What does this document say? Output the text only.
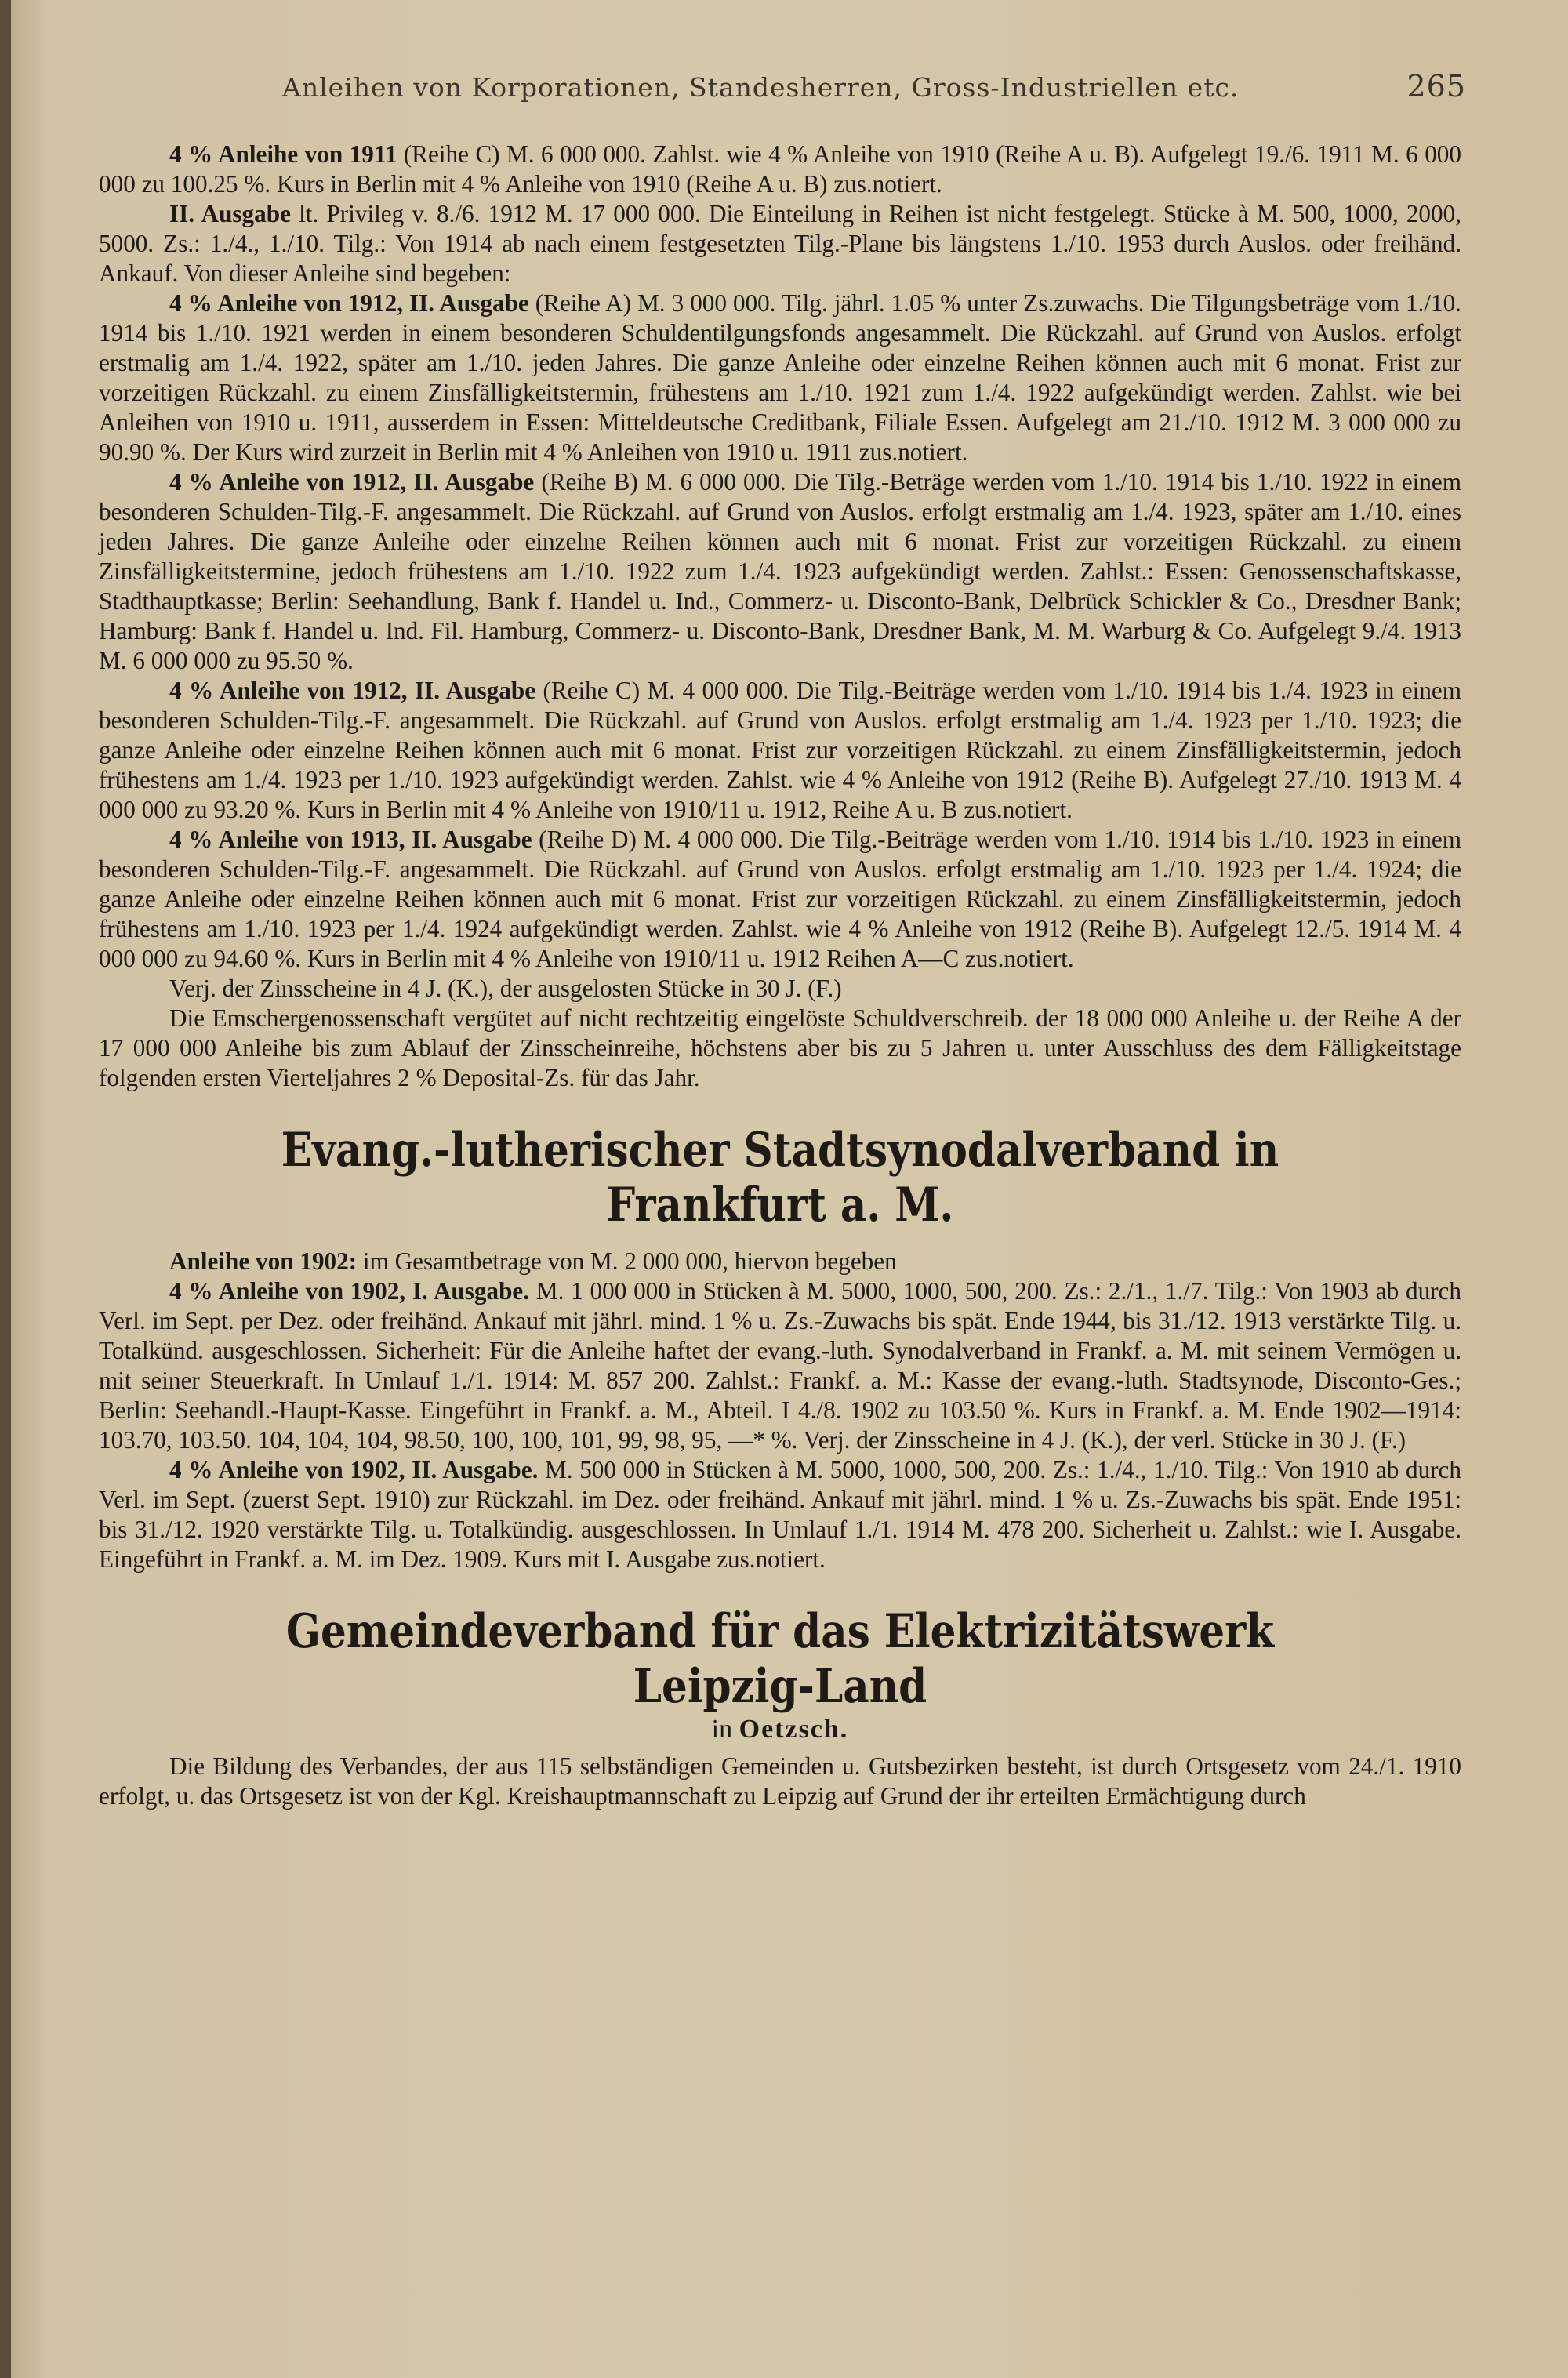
Anleihen von Korporationen, Standesherren, Gross-Industriellen etc.	265

4 % Anleihe von 1911 (Reihe C) M. 6 000 000. Zahlst. wie 4 % Anleihe von 1910 (Reihe A u. B). Aufgelegt 19./6. 1911 M. 6 000 000 zu 100.25 %. Kurs in Berlin mit 4 % Anleihe von 1910 (Reihe A u. B) zus.notiert.

II. Ausgabe lt. Privileg v. 8./6. 1912 M. 17 000 000. Die Einteilung in Reihen ist nicht festgelegt. Stücke à M. 500, 1000, 2000, 5000. Zs.: 1./4., 1./10. Tilg.: Von 1914 ab nach einem festgesetzten Tilg.-Plane bis längstens 1./10. 1953 durch Auslos. oder freihänd. Ankauf. Von dieser Anleihe sind begeben:

4 % Anleihe von 1912, II. Ausgabe (Reihe A) M. 3 000 000. Tilg. jährl. 1.05 % unter Zs.zuwachs. Die Tilgungsbeträge vom 1./10. 1914 bis 1./10. 1921 werden in einem besonderen Schuldentilgungsfonds angesammelt. Die Rückzahl. auf Grund von Auslos. erfolgt erstmalig am 1./4. 1922, später am 1./10. jeden Jahres. Die ganze Anleihe oder einzelne Reihen können auch mit 6 monat. Frist zur vorzeitigen Rückzahl. zu einem Zinsfälligkeitstermin, frühestens am 1./10. 1921 zum 1./4. 1922 aufgekündigt werden. Zahlst. wie bei Anleihen von 1910 u. 1911, ausserdem in Essen: Mitteldeutsche Creditbank, Filiale Essen. Aufgelegt am 21./10. 1912 M. 3 000 000 zu 90.90 %. Der Kurs wird zurzeit in Berlin mit 4 % Anleihen von 1910 u. 1911 zus.notiert.

4 % Anleihe von 1912, II. Ausgabe (Reihe B) M. 6 000 000. Die Tilg.-Beträge werden vom 1./10. 1914 bis 1./10. 1922 in einem besonderen Schulden-Tilg.-F. angesammelt. Die Rückzahl. auf Grund von Auslos. erfolgt erstmalig am 1./4. 1923, später am 1./10. eines jeden Jahres. Die ganze Anleihe oder einzelne Reihen können auch mit 6 monat. Frist zur vorzeitigen Rückzahl. zu einem Zinsfälligkeitstermine, jedoch frühestens am 1./10. 1922 zum 1./4. 1923 aufgekündigt werden. Zahlst.: Essen: Genossenschaftskasse, Stadthauptkasse; Berlin: Seehandlung, Bank f. Handel u. Ind., Commerz- u. Disconto-Bank, Delbrück Schickler & Co., Dresdner Bank; Hamburg: Bank f. Handel u. Ind. Fil. Hamburg, Commerz- u. Disconto-Bank, Dresdner Bank, M. M. Warburg & Co. Aufgelegt 9./4. 1913 M. 6 000 000 zu 95.50 %.

4 % Anleihe von 1912, II. Ausgabe (Reihe C) M. 4 000 000. Die Tilg.-Beiträge werden vom 1./10. 1914 bis 1./4. 1923 in einem besonderen Schulden-Tilg.-F. angesammelt. Die Rückzahl. auf Grund von Auslos. erfolgt erstmalig am 1./4. 1923 per 1./10. 1923; die ganze Anleihe oder einzelne Reihen können auch mit 6 monat. Frist zur vorzeitigen Rückzahl. zu einem Zinsfälligkeitstermin, jedoch frühestens am 1./4. 1923 per 1./10. 1923 aufgekündigt werden. Zahlst. wie 4 % Anleihe von 1912 (Reihe B). Aufgelegt 27./10. 1913 M. 4 000 000 zu 93.20 %. Kurs in Berlin mit 4 % Anleihe von 1910/11 u. 1912, Reihe A u. B zus.notiert.

4 % Anleihe von 1913, II. Ausgabe (Reihe D) M. 4 000 000. Die Tilg.-Beiträge werden vom 1./10. 1914 bis 1./10. 1923 in einem besonderen Schulden-Tilg.-F. angesammelt. Die Rückzahl. auf Grund von Auslos. erfolgt erstmalig am 1./10. 1923 per 1./4. 1924; die ganze Anleihe oder einzelne Reihen können auch mit 6 monat. Frist zur vorzeitigen Rückzahl. zu einem Zinsfälligkeitstermin, jedoch frühestens am 1./10. 1923 per 1./4. 1924 aufgekündigt werden. Zahlst. wie 4 % Anleihe von 1912 (Reihe B). Aufgelegt 12./5. 1914 M. 4 000 000 zu 94.60 %. Kurs in Berlin mit 4 % Anleihe von 1910/11 u. 1912 Reihen A—C zus.notiert.

Verj. der Zinsscheine in 4 J. (K.), der ausgelosten Stücke in 30 J. (F.)

Die Emschergenossenschaft vergütet auf nicht rechtzeitig eingelöste Schuldverschreib. der 18 000 000 Anleihe u. der Reihe A der 17 000 000 Anleihe bis zum Ablauf der Zinsscheinreihe, höchstens aber bis zu 5 Jahren u. unter Ausschluss des dem Fälligkeitstage folgenden ersten Vierteljahres 2 % Deposital-Zs. für das Jahr.

Evang.-lutherischer Stadtsynodalverband in Frankfurt a. M.

Anleihe von 1902: im Gesamtbetrage von M. 2 000 000, hiervon begeben

4 % Anleihe von 1902, I. Ausgabe. M. 1 000 000 in Stücken à M. 5000, 1000, 500, 200. Zs.: 2./1., 1./7. Tilg.: Von 1903 ab durch Verl. im Sept. per Dez. oder freihänd. Ankauf mit jährl. mind. 1 % u. Zs.-Zuwachs bis spät. Ende 1944, bis 31./12. 1913 verstärkte Tilg. u. Totalkünd. ausgeschlossen. Sicherheit: Für die Anleihe haftet der evang.-luth. Synodalverband in Frankf. a. M. mit seinem Vermögen u. mit seiner Steuerkraft. In Umlauf 1./1. 1914: M. 857 200. Zahlst.: Frankf. a. M.: Kasse der evang.-luth. Stadtsynode, Disconto-Ges.; Berlin: Seehandl.-Haupt-Kasse. Eingeführt in Frankf. a. M., Abteil. I 4./8. 1902 zu 103.50 %. Kurs in Frankf. a. M. Ende 1902—1914: 103.70, 103.50. 104, 104, 104, 98.50, 100, 100, 101, 99, 98, 95, —* %. Verj. der Zinsscheine in 4 J. (K.), der verl. Stücke in 30 J. (F.)

4 % Anleihe von 1902, II. Ausgabe. M. 500 000 in Stücken à M. 5000, 1000, 500, 200. Zs.: 1./4., 1./10. Tilg.: Von 1910 ab durch Verl. im Sept. (zuerst Sept. 1910) zur Rückzahl. im Dez. oder freihänd. Ankauf mit jährl. mind. 1 % u. Zs.-Zuwachs bis spät. Ende 1951: bis 31./12. 1920 verstärkte Tilg. u. Totalkündig. ausgeschlossen. In Umlauf 1./1. 1914 M. 478 200. Sicherheit u. Zahlst.: wie I. Ausgabe. Eingeführt in Frankf. a. M. im Dez. 1909. Kurs mit I. Ausgabe zus.notiert.

Gemeindeverband für das Elektrizitätswerk Leipzig-Land
in Oetzsch.

Die Bildung des Verbandes, der aus 115 selbständigen Gemeinden u. Gutsbezirken besteht, ist durch Ortsgesetz vom 24./1. 1910 erfolgt, u. das Ortsgesetz ist von der Kgl. Kreishauptmannschaft zu Leipzig auf Grund der ihr erteilten Ermächtigung durch
